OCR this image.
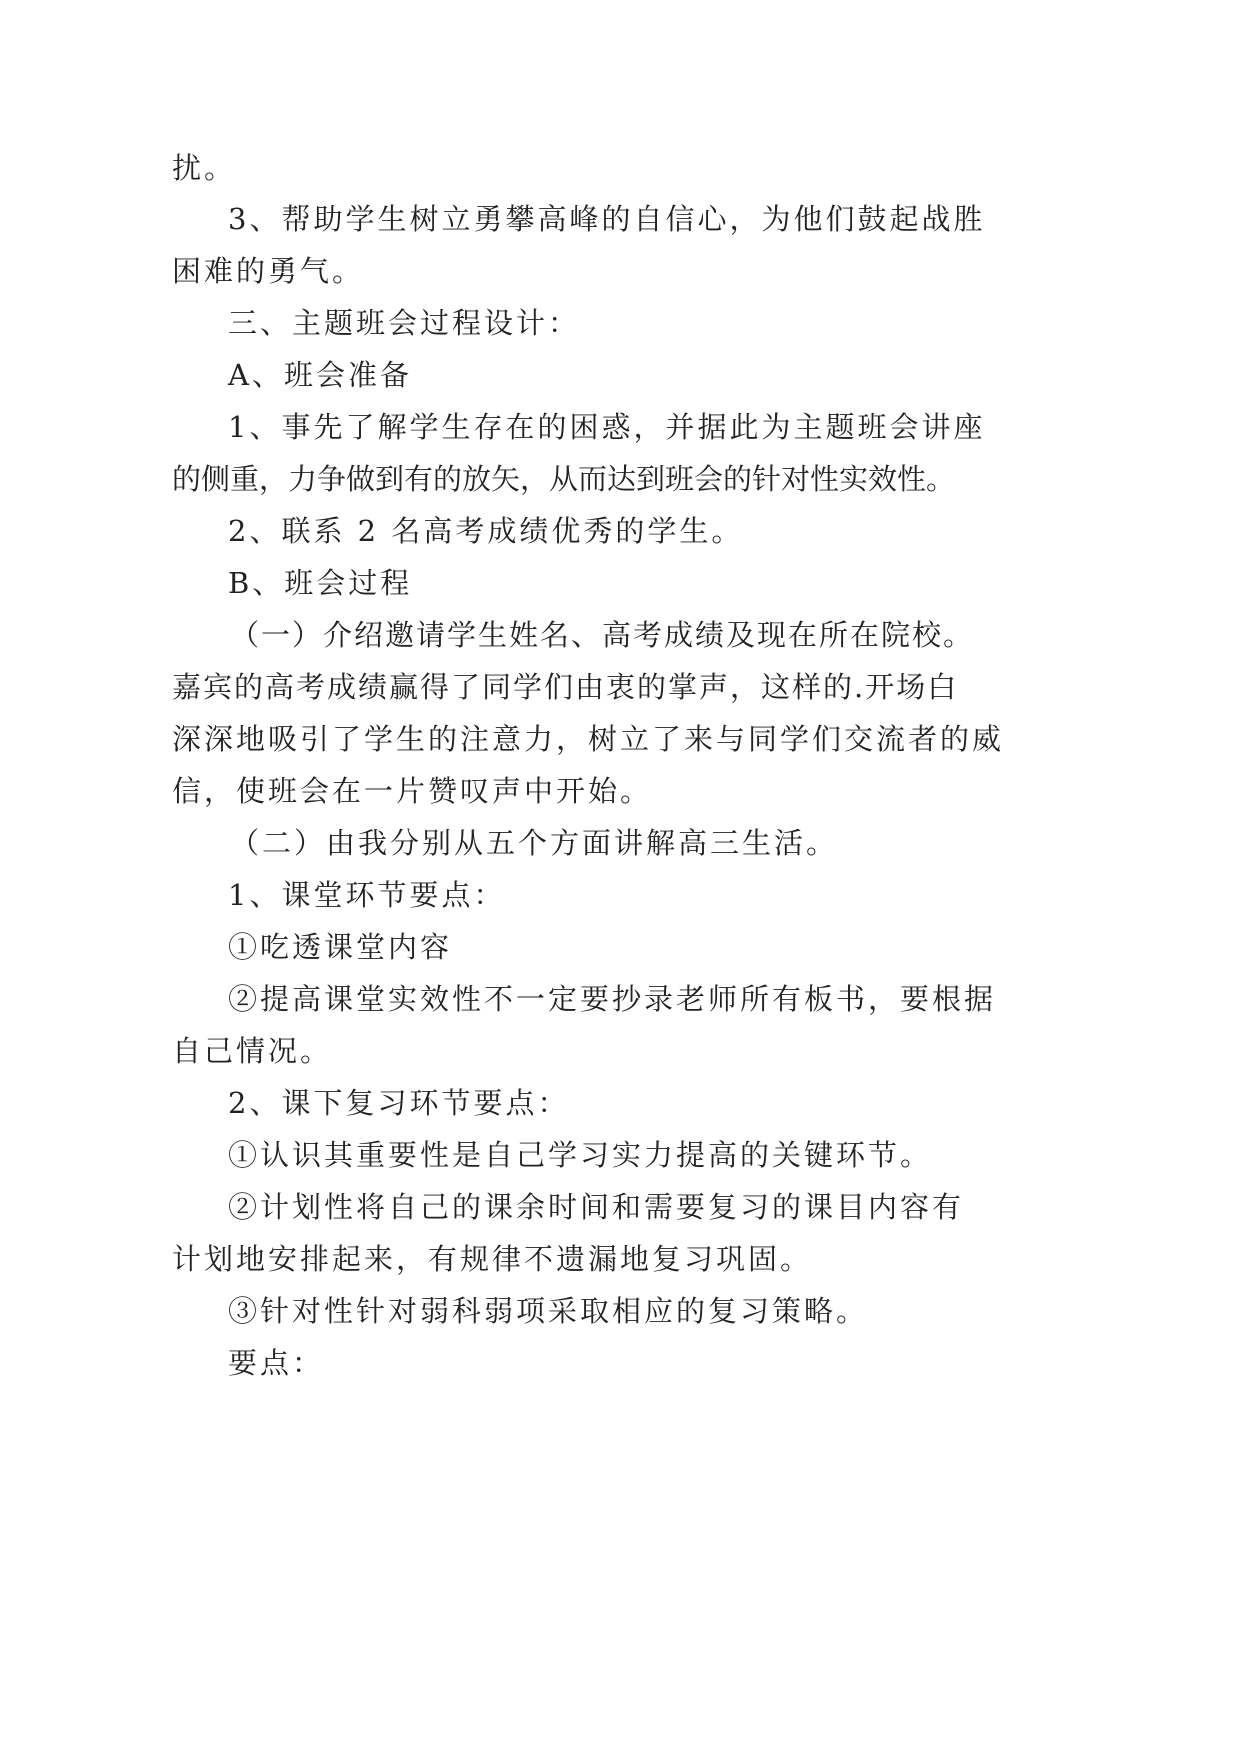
扰。
3、帮助学生树立勇攀高峰的自信心，为他们鼓起战胜
困难的勇气。
三、主题班会过程设计：
A、班会准备
1、事先了解学生存在的困惑，并据此为主题班会讲座
的侧重，力争做到有的放矢，从而达到班会的针对性实效性。
2、联系 2 名高考成绩优秀的学生。
B、班会过程
（一）介绍邀请学生姓名、高考成绩及现在所在院校。
嘉宾的高考成绩赢得了同学们由衷的掌声，这样的.开场白
深深地吸引了学生的注意力，树立了来与同学们交流者的威
信，使班会在一片赞叹声中开始。
（二）由我分别从五个方面讲解高三生活。
1、课堂环节要点：
①吃透课堂内容
②提高课堂实效性不一定要抄录老师所有板书，要根据
自己情况。
2、课下复习环节要点：
①认识其重要性是自己学习实力提高的关键环节。
②计划性将自己的课余时间和需要复习的课目内容有
计划地安排起来，有规律不遗漏地复习巩固。
③针对性针对弱科弱项采取相应的复习策略。
要点：
